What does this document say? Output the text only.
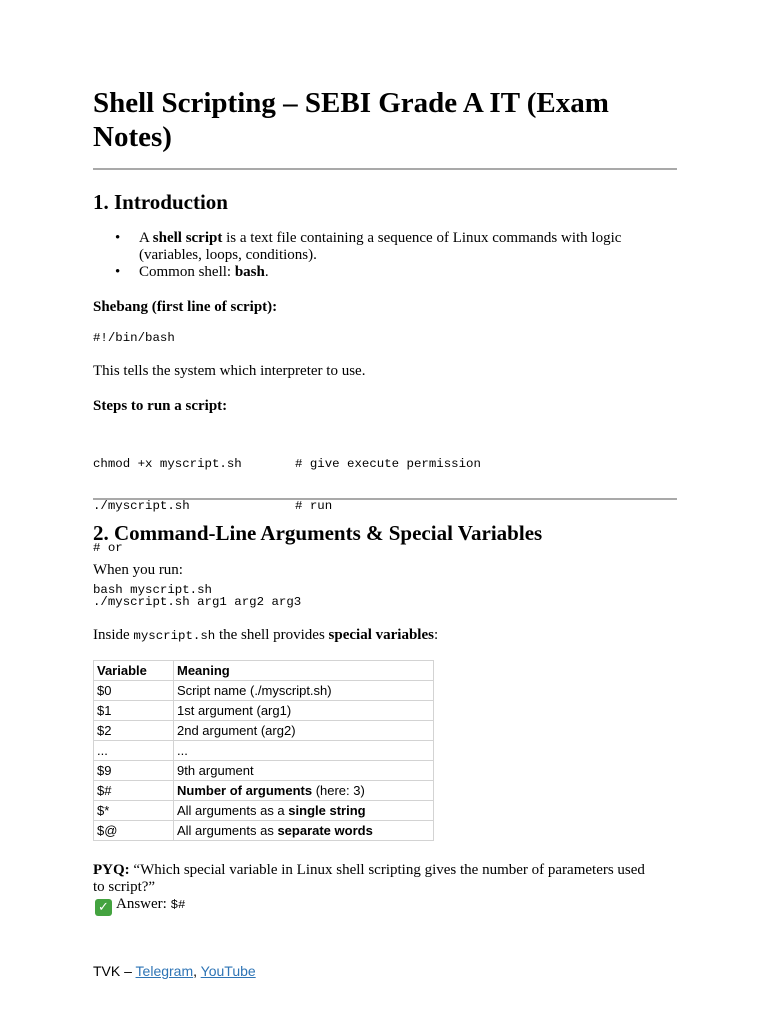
Shell Scripting – SEBI Grade A IT (Exam Notes)
1. Introduction
• A shell script is a text file containing a sequence of Linux commands with logic
(variables, loops, conditions).
• Common shell: bash.

Shebang (first line of script):

#!/bin/bash

This tells the system which interpreter to use.

Steps to run a script:

chmod +x myscript.sh	# give execute permission

./myscript.sh	# run

# or

bash myscript.sh

2. Command-Line Arguments & Special Variables

When you run:

./myscript.sh arg1 arg2 arg3

Inside myscript.sh the shell provides special variables:

Variable	Meaning
$0	Script name (./myscript.sh)
$1	1st argument (arg1)
$2	2nd argument (arg2)
...	...
$9	9th argument
$#	Number of arguments (here: 3)
$*	All arguments as a single string
$@	All arguments as separate words

PYQ: “Which special variable in Linux shell scripting gives the number of parameters used
to script?”

✓ Answer: $#

TVK – Telegram, YouTube
